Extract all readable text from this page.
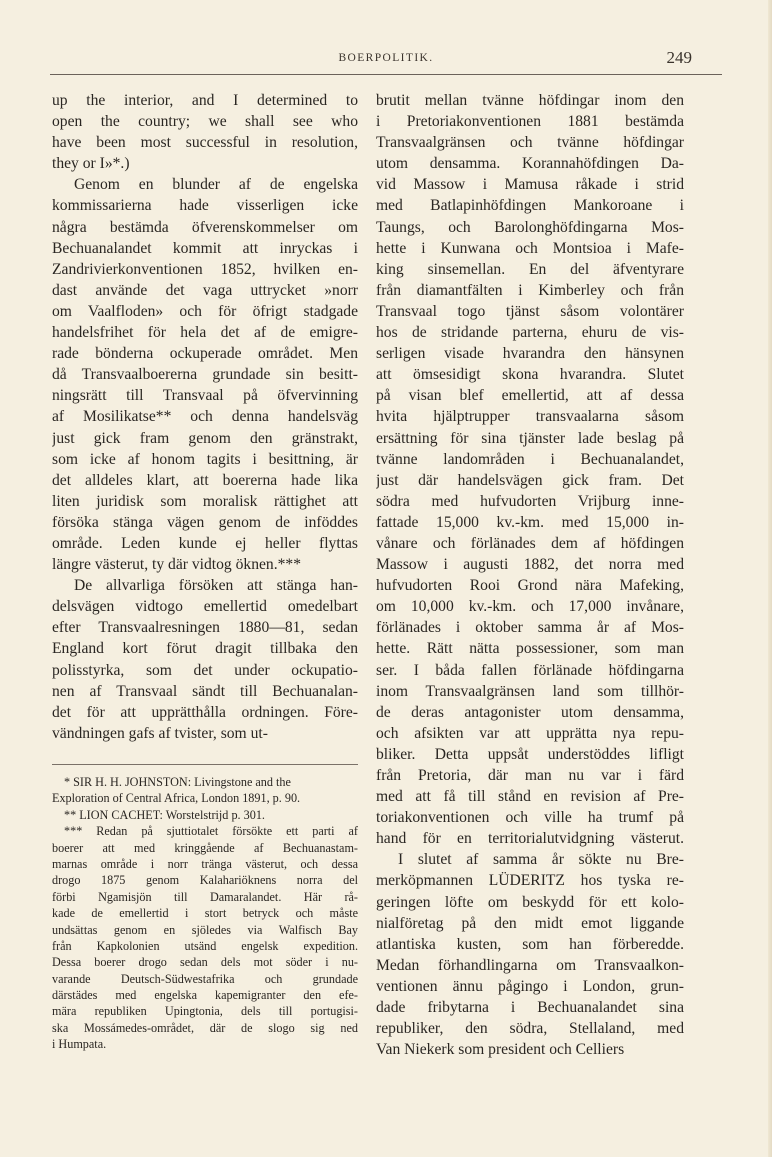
BOERPOLITIK.	249
up the interior, and I determined to
open the country; we shall see who
have been most successful in resolution,
they or I»*.)
Genom en blunder af de engelska
kommissarierna hade visserligen icke
några bestämda öfverenskommelser om
Bechuanalandet kommit att inryckas i
Zandrivierkonventionen 1852, hvilken en-
dast använde det vaga uttrycket »norr
om Vaalfloden» och för öfrigt stadgade
handelsfrihet för hela det af de emigre-
rade bönderna ockuperade området. Men
då Transvaalboererna grundade sin besitt-
ningsrätt till Transvaal på öfvervinning
af Mosilikatse** och denna handelsväg
just gick fram genom den gränstrakt,
som icke af honom tagits i besittning, är
det alldeles klart, att boererna hade lika
liten juridisk som moralisk rättighet att
försöka stänga vägen genom de inföddes
område. Leden kunde ej heller flyttas
längre västerut, ty där vidtog öknen.***
De allvarliga försöken att stänga han-
delsvägen vidtogo emellertid omedelbart
efter Transvaalresningen 1880—81, sedan
England kort förut dragit tillbaka den
polisstyrka, som det under ockupatio-
nen af Transvaal sändt till Bechuanalan-
det för att upprätthålla ordningen. Före-
vändningen gafs af tvister, som ut-
brutit mellan tvänne höfdingar inom den
i Pretoriakonventionen 1881 bestämda
Transvaalgränsen och tvänne höfdingar
utom densamma. Korannahöfdingen Da-
vid Massow i Mamusa råkade i strid
med Batlapinhöfdingen Mankoroane i
Taungs, och Barolonghöfdingarna Mos-
hette i Kunwana och Montsioa i Mafe-
king sinsemellan. En del äfventyrare
från diamantfälten i Kimberley och från
Transvaal togo tjänst såsom volontärer
hos de stridande parterna, ehuru de vis-
serligen visade hvarandra den hänsynen
att ömsesidigt skona hvarandra. Slutet
på visan blef emellertid, att af dessa
hvita hjälptrupper transvaalarna såsom
ersättning för sina tjänster lade beslag på
tvänne landområden i Bechuanalandet,
just där handelsvägen gick fram. Det
södra med hufvudorten Vrijburg inne-
fattade 15,000 kv.-km. med 15,000 in-
vånare och förlänades dem af höfdingen
Massow i augusti 1882, det norra med
hufvudorten Rooi Grond nära Mafeking,
om 10,000 kv.-km. och 17,000 invånare,
förlänades i oktober samma år af Mos-
hette. Rätt nätta possessioner, som man
ser. I båda fallen förlänade höfdingarna
inom Transvaalgränsen land som tillhör-
de deras antagonister utom densamma,
och afsikten var att upprätta nya repu-
bliker. Detta uppsåt understöddes lifligt
från Pretoria, där man nu var i färd
med att få till stånd en revision af Pre-
toriakonventionen och ville ha trumf på
hand för en territorialutvidgning västerut.
I slutet af samma år sökte nu Bre-
merköpmannen LÜDERITZ hos tyska re-
geringen löfte om beskydd för ett kolo-
nialföretag på den midt emot liggande
atlantiska kusten, som han förberedde.
Medan förhandlingarna om Transvaalkon-
ventionen ännu pågingo i London, grun-
dade fribytarna i Bechuanalandet sina
republiker, den södra, Stellaland, med
Van Niekerk som president och Celliers
* SIR H. H. JOHNSTON: Livingstone and the
Exploration of Central Africa, London 1891, p. 90.
** LION CACHET: Worstelstrijd p. 301.
*** Redan på sjuttiotalet försökte ett parti af
boerer att med kringgående af Bechuanastam-
marnas område i norr tränga västerut, och dessa
drogo 1875 genom Kalahariöknens norra del
förbi Ngamisjön till Damaralandet. Här rå-
kade de emellertid i stort betryck och måste
undsättas genom en sjöledes via Walfisch Bay
från Kapkolonien utsänd engelsk expedition.
Dessa boerer drogo sedan dels mot söder i nu-
varande Deutsch-Südwestafrika och grundade
därstädes med engelska kapemigranter den efe-
mära republiken Upingtonia, dels till portugisi-
ska Mossámedes-området, där de slogo sig ned
i Humpata.
